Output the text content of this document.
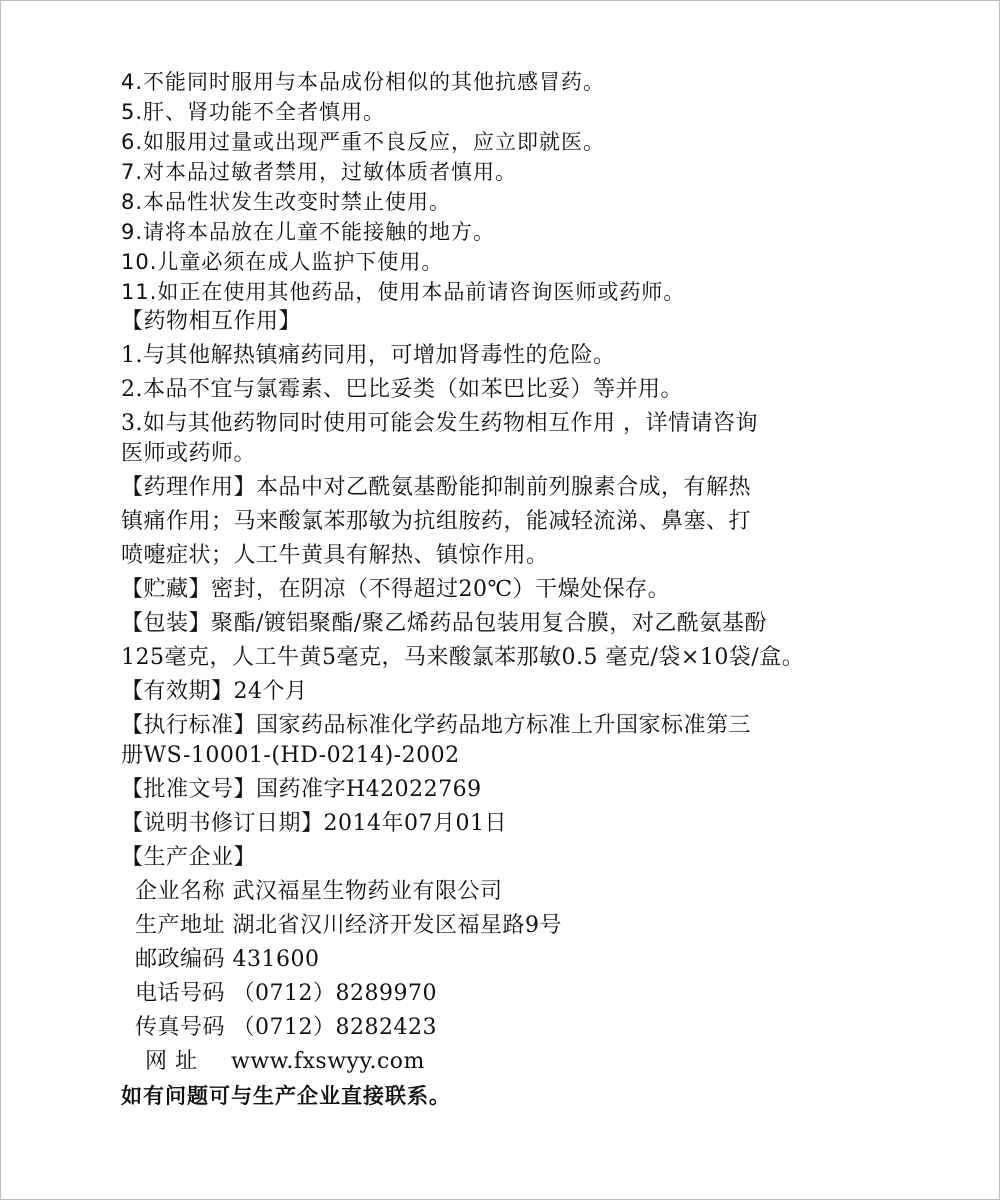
4.不能同时服用与本品成份相似的其他抗感冒药。
5.肝、肾功能不全者慎用。
6.如服用过量或出现严重不良反应，应立即就医。
7.对本品过敏者禁用，过敏体质者慎用。
8.本品性状发生改变时禁止使用。
9.请将本品放在儿童不能接触的地方。
10.儿童必须在成人监护下使用。
11.如正在使用其他药品，使用本品前请咨询医师或药师。
【药物相互作用】
1.与其他解热镇痛药同用，可增加肾毒性的危险。
2.本品不宜与氯霉素、巴比妥类（如苯巴比妥）等并用。
3.如与其他药物同时使用可能会发生药物相互作用 ，详情请咨询
医师或药师。
【药理作用】本品中对乙酰氨基酚能抑制前列腺素合成，有解热
镇痛作用；马来酸氯苯那敏为抗组胺药，能减轻流涕、鼻塞、打
喷嚏症状；人工牛黄具有解热、镇惊作用。
【贮藏】密封，在阴凉（不得超过20℃）干燥处保存。
【包装】聚酯/镀铝聚酯/聚乙烯药品包装用复合膜，对乙酰氨基酚
125毫克，人工牛黄5毫克，马来酸氯苯那敏0.5 毫克/袋×10袋/盒。
【有效期】24个月
【执行标准】国家药品标准化学药品地方标准上升国家标准第三
册WS-10001-(HD-0214)-2002
【批准文号】国药准字H42022769
【说明书修订日期】2014年07月01日
【生产企业】
企业名称 武汉福星生物药业有限公司
生产地址 湖北省汉川经济开发区福星路9号
邮政编码 431600
电话号码 （0712）8289970
传真号码 （0712）8282423
网 址 www.fxswyy.com
如有问题可与生产企业直接联系。
